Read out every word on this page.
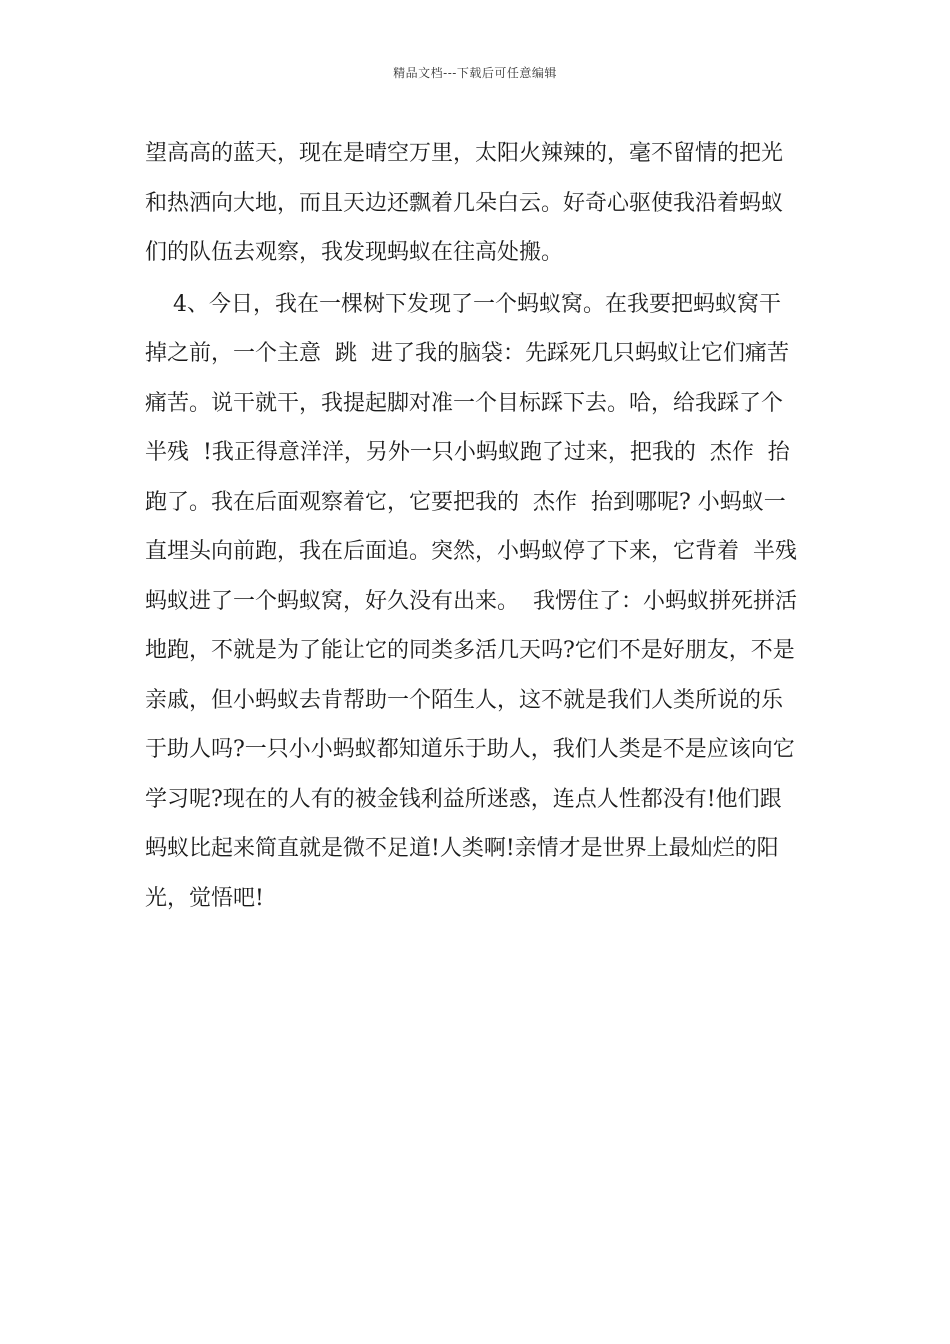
精品文档---下载后可任意编辑
望高高的蓝天，现在是晴空万里，太阳火辣辣的，毫不留情的把光
和热洒向大地，而且天边还飘着几朵白云。好奇心驱使我沿着蚂蚁
们的队伍去观察，我发现蚂蚁在往高处搬。
4、今日，我在一棵树下发现了一个蚂蚁窝。在我要把蚂蚁窝干
掉之前，一个主意  跳  进了我的脑袋：先踩死几只蚂蚁让它们痛苦
痛苦。说干就干，我提起脚对准一个目标踩下去。哈，给我踩了个
半残  !我正得意洋洋，另外一只小蚂蚁跑了过来，把我的  杰作  抬
跑了。我在后面观察着它，它要把我的  杰作  抬到哪呢? 小蚂蚁一
直埋头向前跑，我在后面追。突然，小蚂蚁停了下来，它背着  半残
蚂蚁进了一个蚂蚁窝，好久没有出来。  我愣住了：小蚂蚁拼死拼活
地跑，不就是为了能让它的同类多活几天吗?它们不是好朋友，不是
亲戚，但小蚂蚁去肯帮助一个陌生人，这不就是我们人类所说的乐
于助人吗?一只小小蚂蚁都知道乐于助人，我们人类是不是应该向它
学习呢?现在的人有的被金钱利益所迷惑，连点人性都没有!他们跟
蚂蚁比起来简直就是微不足道!人类啊!亲情才是世界上最灿烂的阳
光，觉悟吧!
